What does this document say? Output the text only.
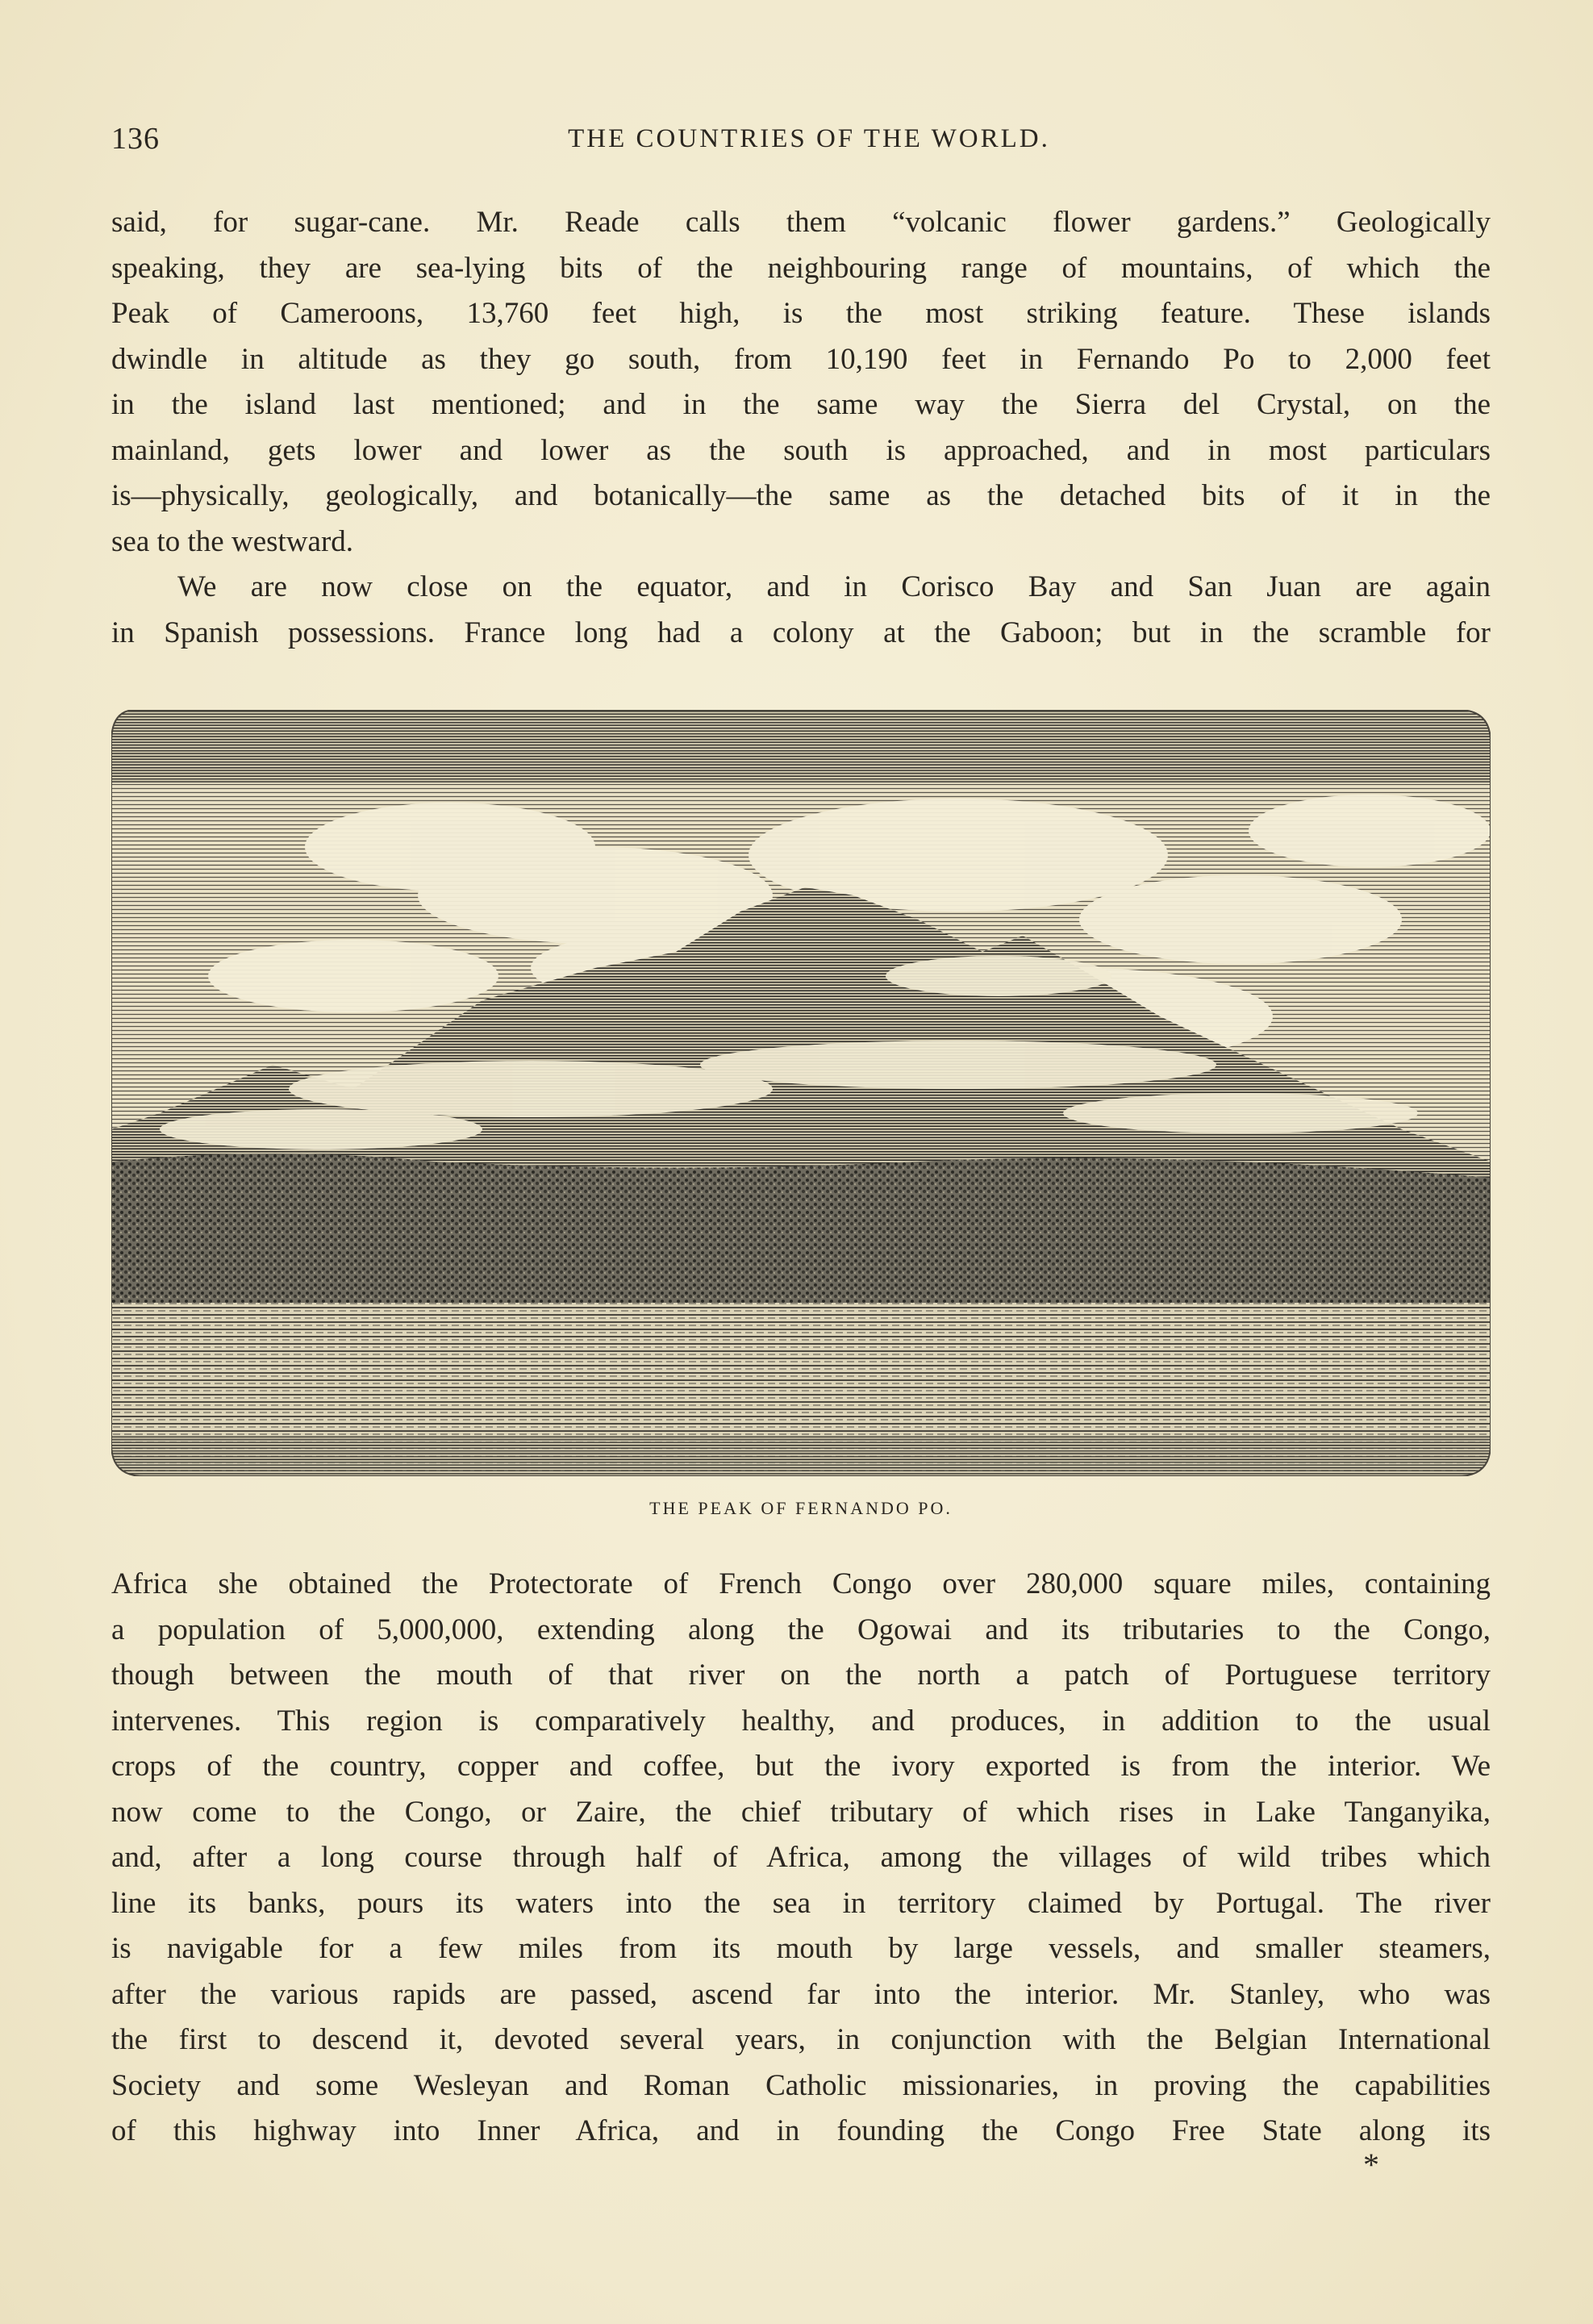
136	THE COUNTRIES OF THE WORLD.

said, for sugar-cane. Mr. Reade calls them “volcanic flower gardens.” Geologically
speaking, they are sea-lying bits of the neighbouring range of mountains, of which the
Peak of Cameroons, 13,760 feet high, is the most striking feature. These islands
dwindle in altitude as they go south, from 10,190 feet in Fernando Po to 2,000 feet
in the island last mentioned; and in the same way the Sierra del Crystal, on the
mainland, gets lower and lower as the south is approached, and in most particulars
is—physically, geologically, and botanically—the same as the detached bits of it in the
sea to the westward.

We are now close on the equator, and in Corisco Bay and San Juan are again
in Spanish possessions. France long had a colony at the Gaboon; but in the scramble for

THE PEAK OF FERNANDO PO.

Africa she obtained the Protectorate of French Congo over 280,000 square miles, containing
a population of 5,000,000, extending along the Ogowai and its tributaries to the Congo,
though between the mouth of that river on the north a patch of Portuguese territory
intervenes. This region is comparatively healthy, and produces, in addition to the usual
crops of the country, copper and coffee, but the ivory exported is from the interior. We
now come to the Congo, or Zaire, the chief tributary of which rises in Lake Tanganyika,
and, after a long course through half of Africa, among the villages of wild tribes which
line its banks, pours its waters into the sea in territory claimed by Portugal. The river
is navigable for a few miles from its mouth by large vessels, and smaller steamers,
after the various rapids are passed, ascend far into the interior. Mr. Stanley, who was
the first to descend it, devoted several years, in conjunction with the Belgian International
Society and some Wesleyan and Roman Catholic missionaries, in proving the capabilities
of this highway into Inner Africa, and in founding the Congo Free State along its

*
